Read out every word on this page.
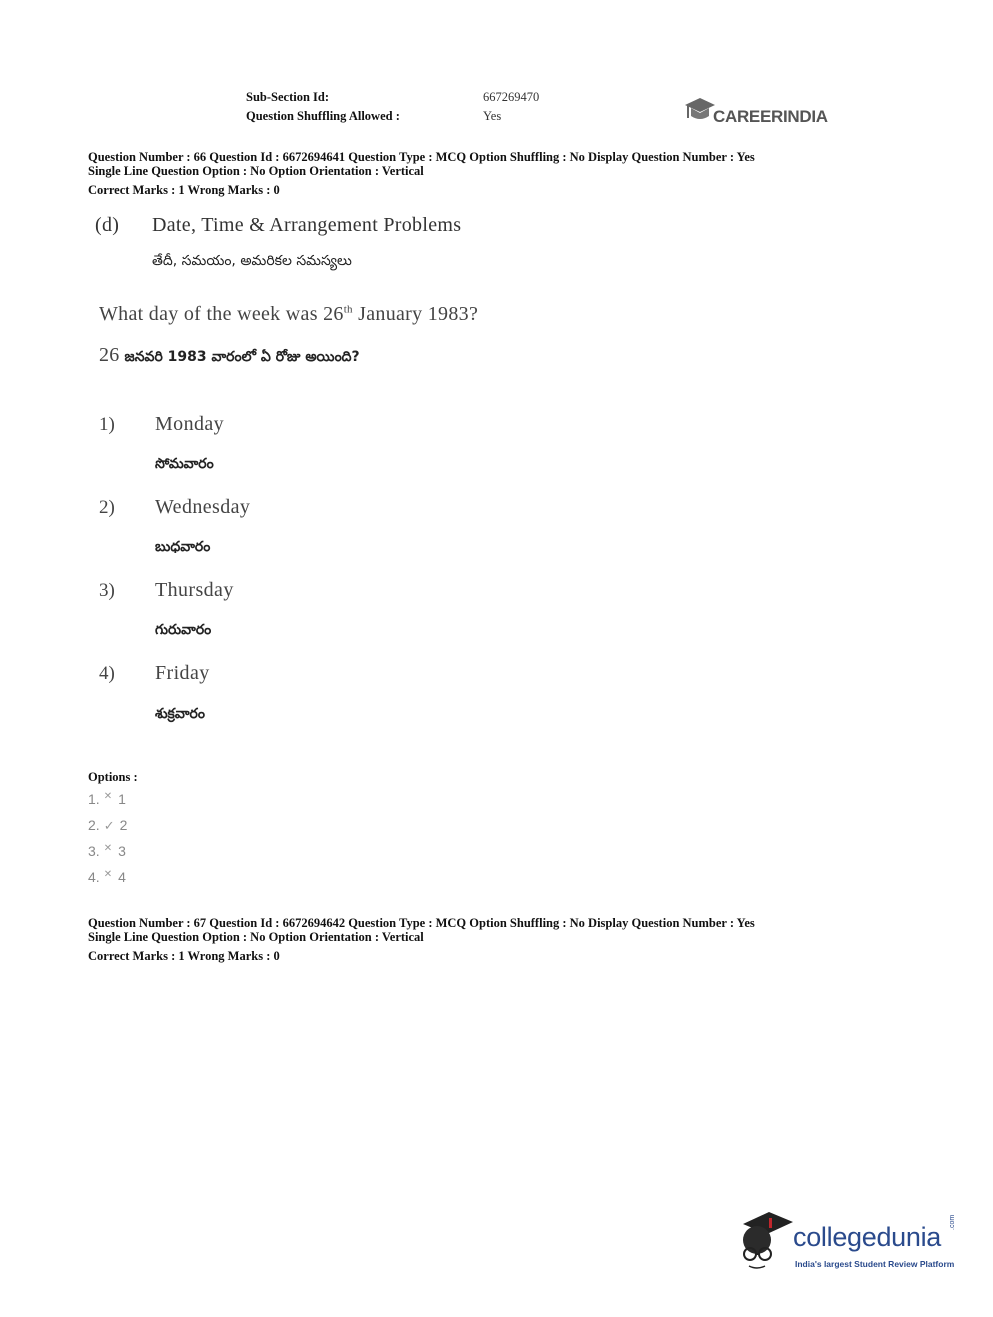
Sub-Section Id:	667269470
Question Shuffling Allowed :	Yes	CAREERINDIA
Question Number : 66 Question Id : 6672694641 Question Type : MCQ Option Shuffling : No Display Question Number : Yes
Single Line Question Option : No Option Orientation : Vertical
Correct Marks : 1 Wrong Marks : 0
(d) Date, Time & Arrangement Problems
తేదీ, సమయం, అమరికల సమస్యలు
What day of the week was 26th January 1983?
26 జనవరి 1983 వారంలో ఏ రోజు అయింది?
1) Monday
సోమవారం
2) Wednesday
బుధవారం
3) Thursday
గురువారం
4) Friday
శుక్రవారం
Options :
1. ✕ 1
2. ✓ 2
3. ✕ 3
4. ✕ 4
Question Number : 67 Question Id : 6672694642 Question Type : MCQ Option Shuffling : No Display Question Number : Yes
Single Line Question Option : No Option Orientation : Vertical
Correct Marks : 1 Wrong Marks : 0
collegedunia .com
India's largest Student Review Platform
